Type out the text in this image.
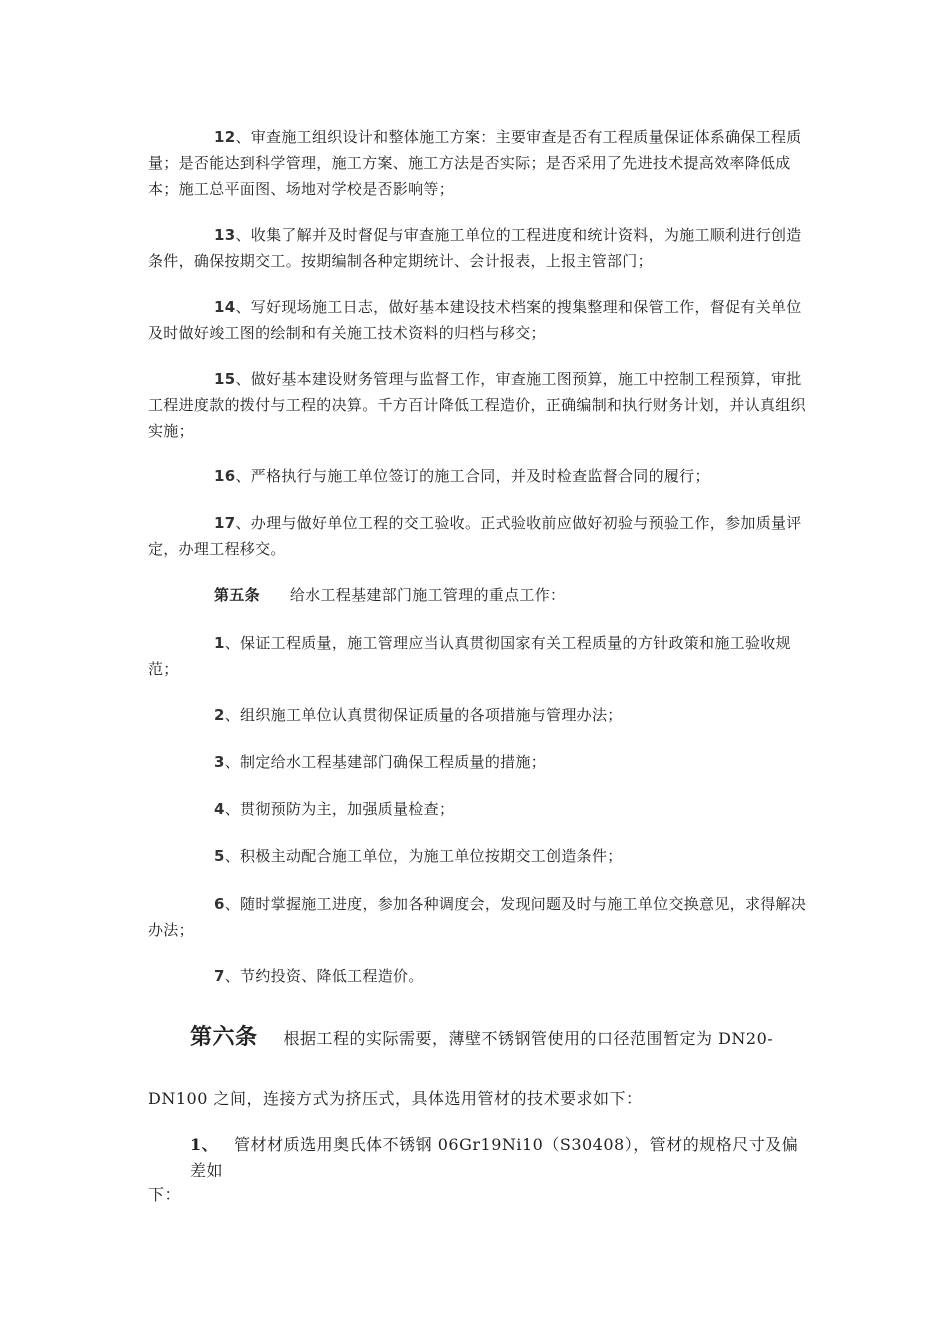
12、审查施工组织设计和整体施工方案：主要审查是否有工程质量保证体系确保工程质量；是否能达到科学管理，施工方案、施工方法是否实际；是否采用了先进技术提高效率降低成本；施工总平面图、场地对学校是否影响等；

13、收集了解并及时督促与审查施工单位的工程进度和统计资料，为施工顺利进行创造条件，确保按期交工。按期编制各种定期统计、会计报表，上报主管部门；

14、写好现场施工日志，做好基本建设技术档案的搜集整理和保管工作，督促有关单位及时做好竣工图的绘制和有关施工技术资料的归档与移交；

15、做好基本建设财务管理与监督工作，审查施工图预算，施工中控制工程预算，审批工程进度款的拨付与工程的决算。千方百计降低工程造价，正确编制和执行财务计划，并认真组织实施；

16、严格执行与施工单位签订的施工合同，并及时检查监督合同的履行；

17、办理与做好单位工程的交工验收。正式验收前应做好初验与预验工作，参加质量评定，办理工程移交。

第五条 给水工程基建部门施工管理的重点工作：

1、保证工程质量，施工管理应当认真贯彻国家有关工程质量的方针政策和施工验收规范；

2、组织施工单位认真贯彻保证质量的各项措施与管理办法；

3、制定给水工程基建部门确保工程质量的措施；

4、贯彻预防为主，加强质量检查；

5、积极主动配合施工单位，为施工单位按期交工创造条件；

6、随时掌握施工进度，参加各种调度会，发现问题及时与施工单位交换意见，求得解决办法；

7、节约投资、降低工程造价。

第六条 根据工程的实际需要，薄壁不锈钢管使用的口径范围暂定为 DN20-

DN100 之间，连接方式为挤压式，具体选用管材的技术要求如下：

1、 管材材质选用奥氏体不锈钢 06Gr19Ni10（S30408），管材的规格尺寸及偏差如

下：
